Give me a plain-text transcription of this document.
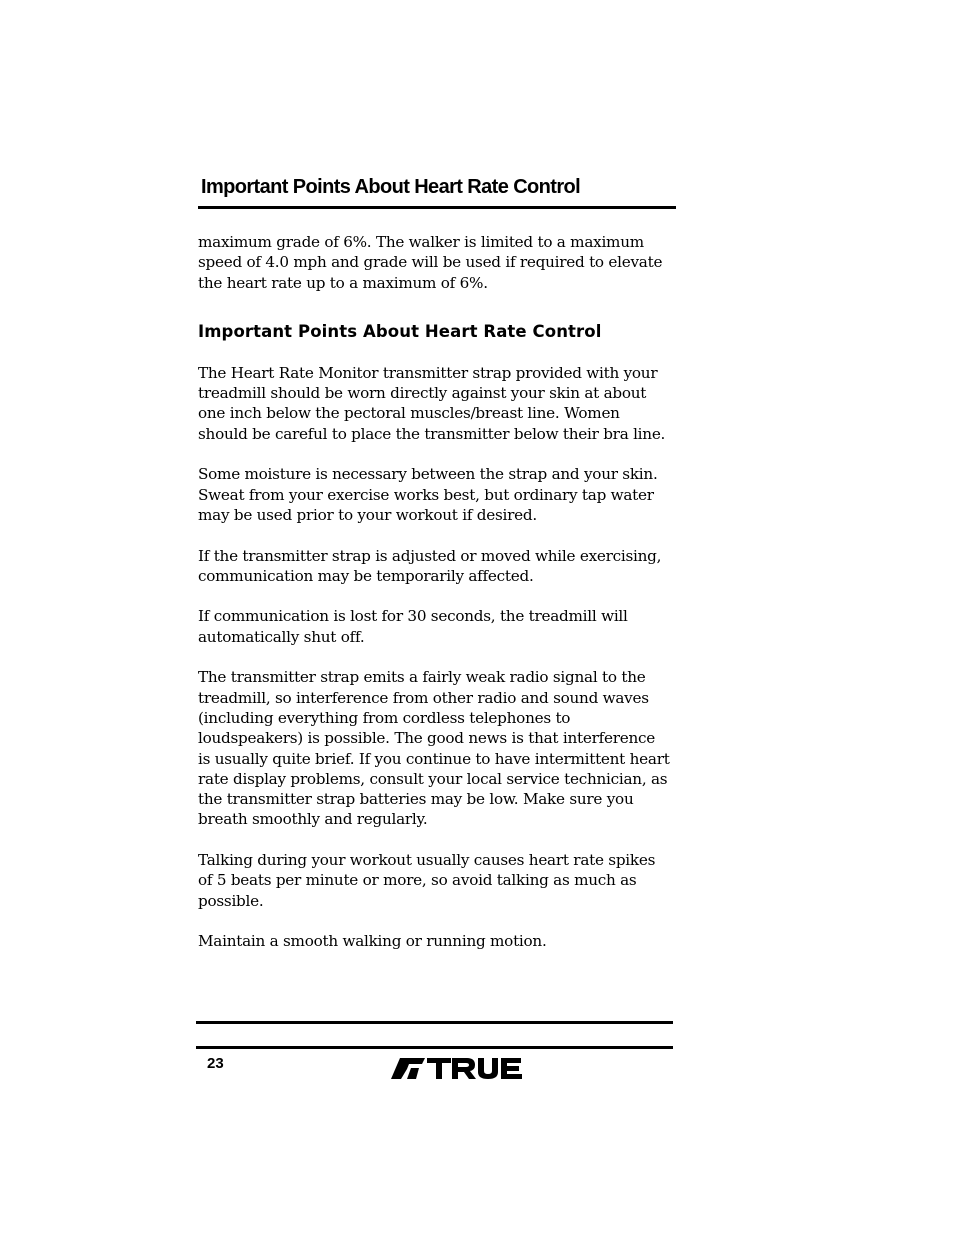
Important Points About Heart Rate Control

maximum grade of 6%. The walker is limited to a maximum speed of 4.0 mph and grade will be used if required to elevate the heart rate up to a maximum of 6%.

Important Points About Heart Rate Control

The Heart Rate Monitor transmitter strap provided with your treadmill should be worn directly against your skin at about one inch below the pectoral muscles/breast line. Women should be careful to place the transmitter below their bra line.

Some moisture is necessary between the strap and your skin. Sweat from your exercise works best, but ordinary tap water may be used prior to your workout if desired.

If the transmitter strap is adjusted or moved while exercising, communication may be temporarily affected.

If communication is lost for 30 seconds, the treadmill will automatically shut off.

The transmitter strap emits a fairly weak radio signal to the treadmill, so interference from other radio and sound waves (including everything from cordless telephones to loudspeakers) is possible. The good news is that interference is usually quite brief. If you continue to have intermittent heart rate display problems, consult your local service technician, as the transmitter strap batteries may be low. Make sure you breath smoothly and regularly.

Talking during your workout usually causes heart rate spikes of 5 beats per minute or more, so avoid talking as much as possible.

Maintain a smooth walking or running motion.

23
